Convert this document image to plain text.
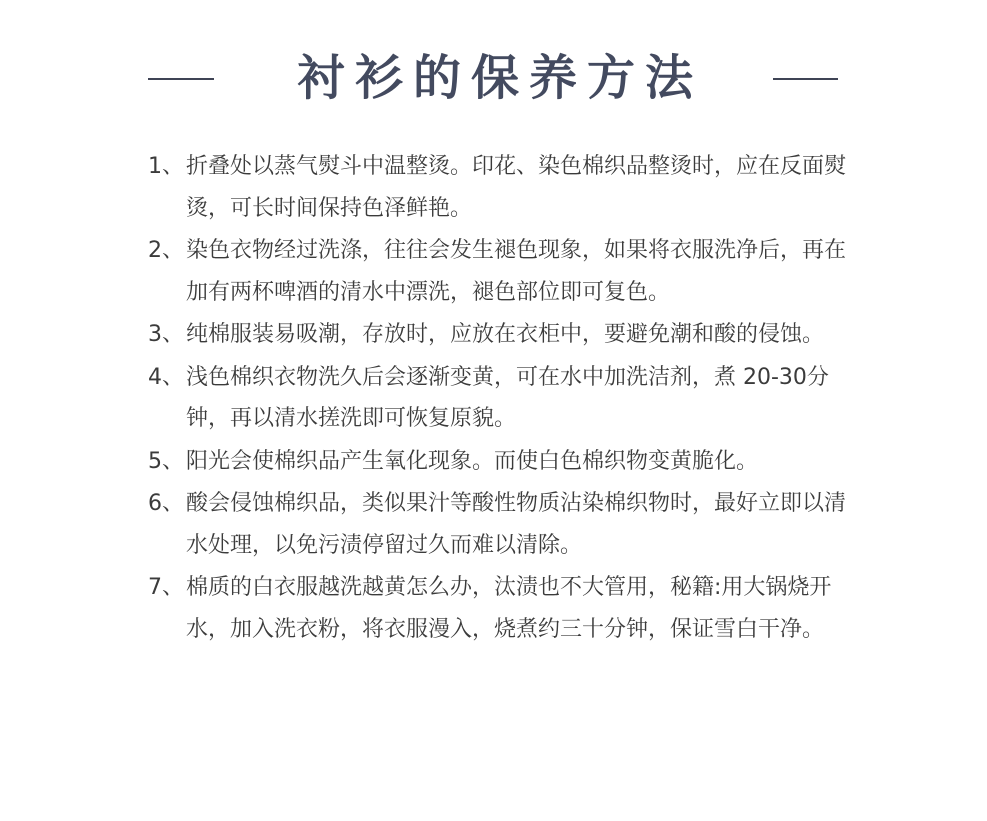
衬衫的保养方法
1、 折叠处以蒸气熨斗中温整烫。印花、染色棉织品整烫时，应在反面熨烫，可长时间保持色泽鲜艳。
2、 染色衣物经过洗涤，往往会发生褪色现象，如果将衣服洗净后，再在加有两杯啤酒的清水中漂洗，褪色部位即可复色。
3、 纯棉服装易吸潮，存放时，应放在衣柜中，要避免潮和酸的侵蚀。
4、 浅色棉织衣物洗久后会逐渐变黄，可在水中加洗洁剂，煮 20-30分钟，再以清水搓洗即可恢复原貌。
5、 阳光会使棉织品产生氧化现象。而使白色棉织物变黄脆化。
6、 酸会侵蚀棉织品，类似果汁等酸性物质沾染棉织物时，最好立即以清水处理，以免污渍停留过久而难以清除。
7、 棉质的白衣服越洗越黄怎么办，汰渍也不大管用，秘籍:用大锅烧开水，加入洗衣粉，将衣服漫入，烧煮约三十分钟，保证雪白干净。
